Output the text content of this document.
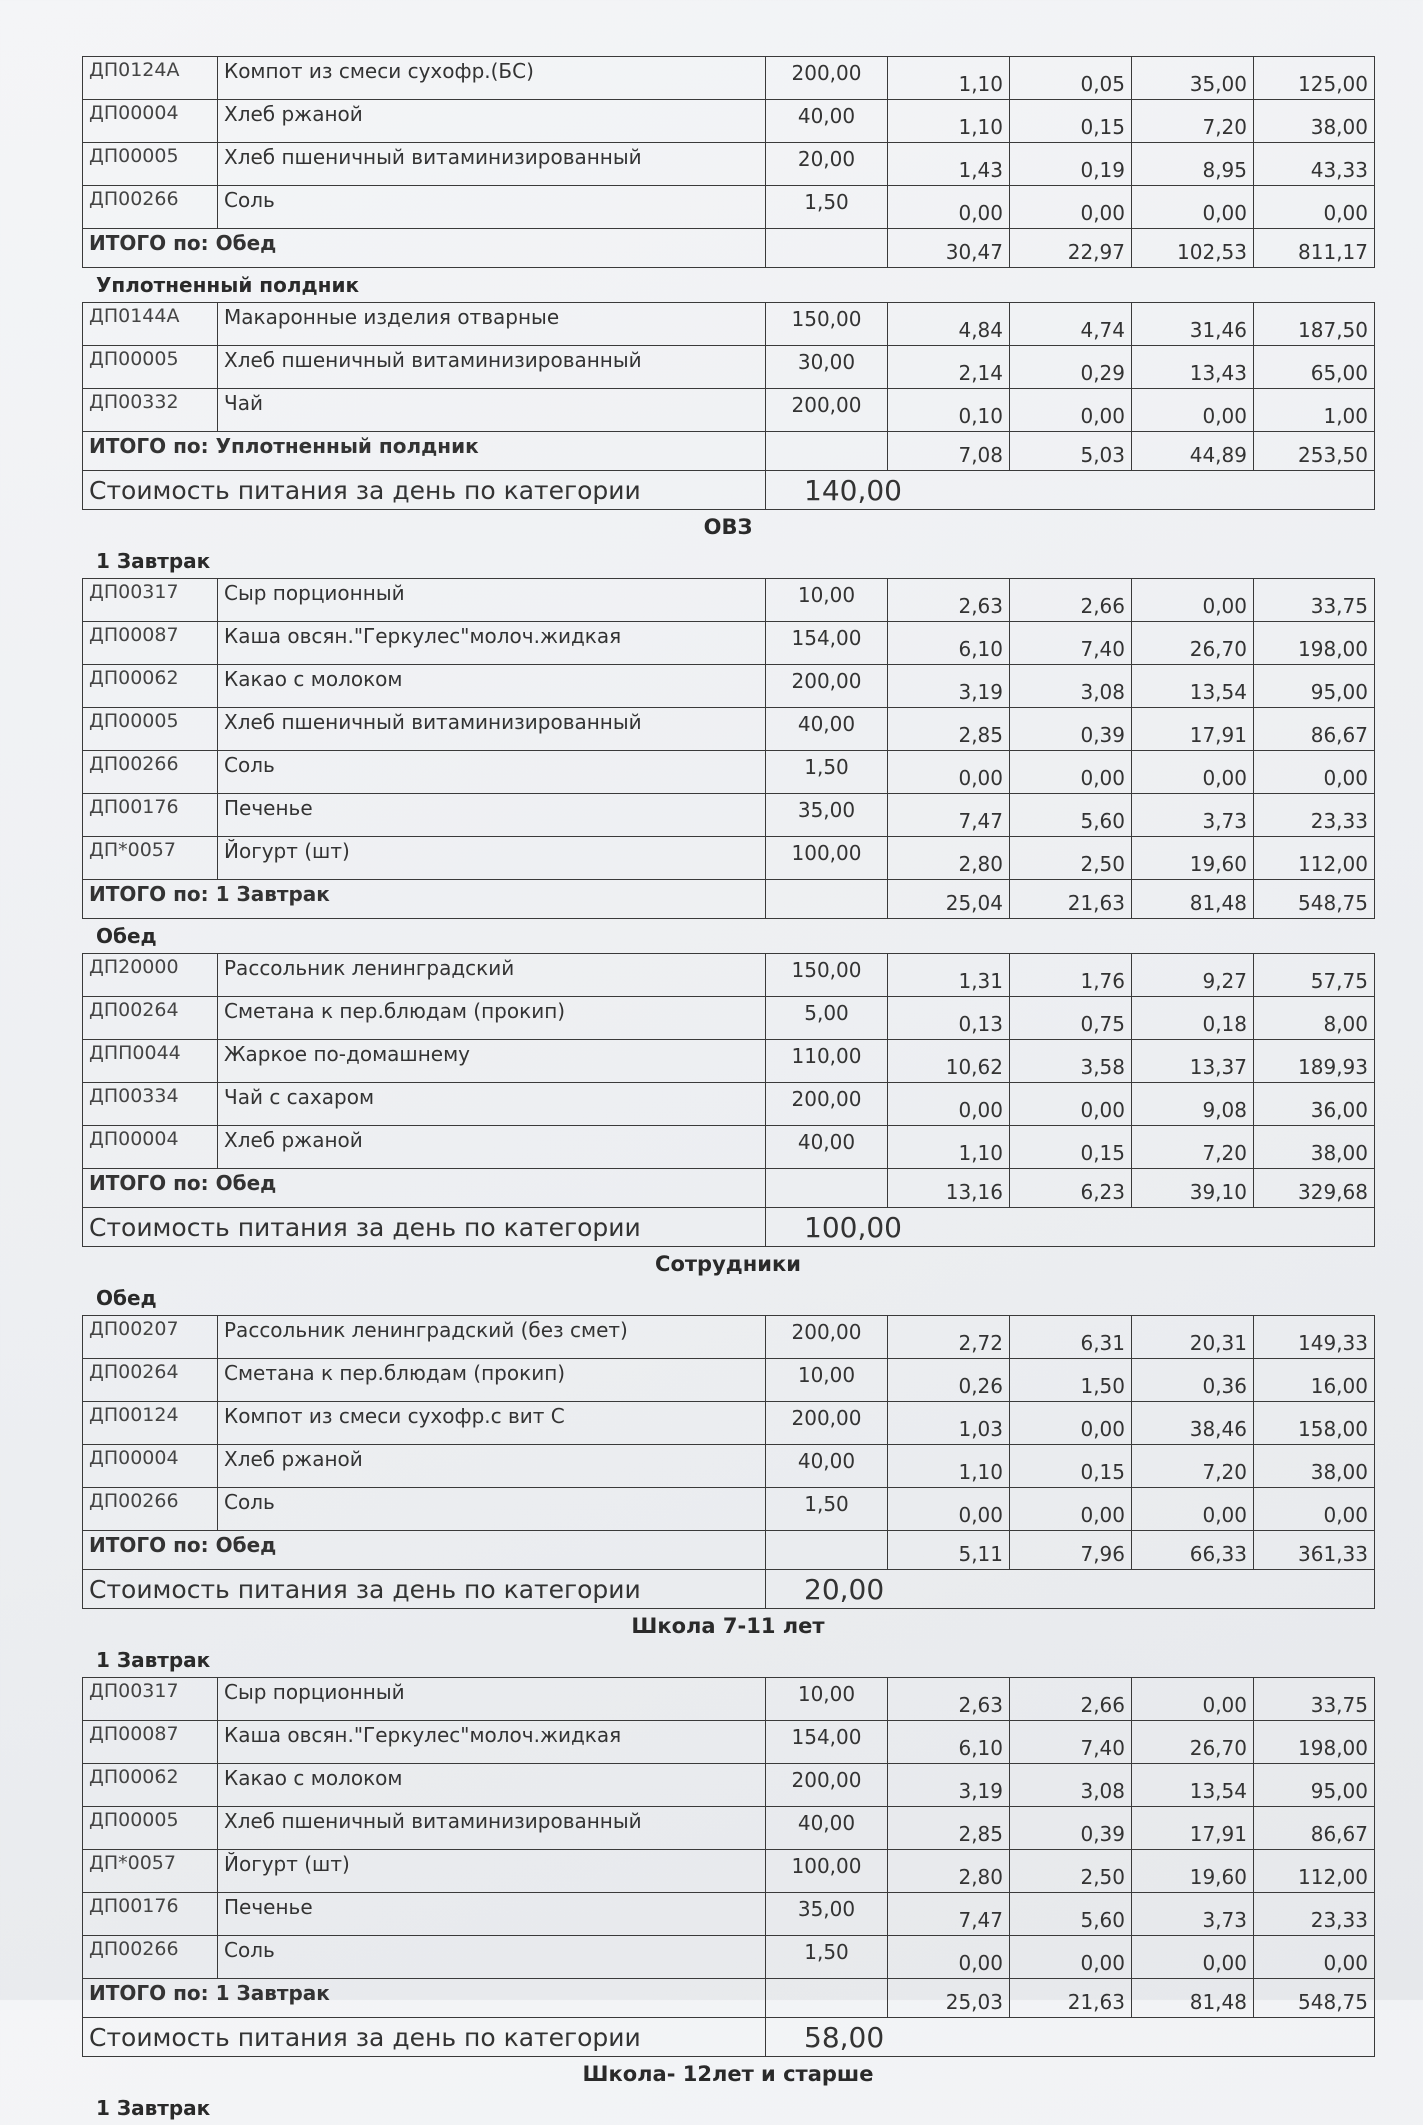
ДП0124А	Компот из смеси сухофр.(БС)	200,00	1,10	0,05	35,00	125,00
ДП00004	Хлеб ржаной	40,00	1,10	0,15	7,20	38,00
ДП00005	Хлеб пшеничный витаминизированный	20,00	1,43	0,19	8,95	43,33
ДП00266	Соль	1,50	0,00	0,00	0,00	0,00
ИТОГО по: Обед			30,47	22,97	102,53	811,17
Уплотненный полдник
ДП0144А	Макаронные изделия отварные	150,00	4,84	4,74	31,46	187,50
ДП00005	Хлеб пшеничный витаминизированный	30,00	2,14	0,29	13,43	65,00
ДП00332	Чай	200,00	0,10	0,00	0,00	1,00
ИТОГО по: Уплотненный полдник			7,08	5,03	44,89	253,50
Стоимость питания за день по категории		140,00				
ОВЗ
1 Завтрак
ДП00317	Сыр порционный	10,00	2,63	2,66	0,00	33,75
ДП00087	Каша овсян."Геркулес"молоч.жидкая	154,00	6,10	7,40	26,70	198,00
ДП00062	Какао с молоком	200,00	3,19	3,08	13,54	95,00
ДП00005	Хлеб пшеничный витаминизированный	40,00	2,85	0,39	17,91	86,67
ДП00266	Соль	1,50	0,00	0,00	0,00	0,00
ДП00176	Печенье	35,00	7,47	5,60	3,73	23,33
ДП*0057	Йогурт (шт)	100,00	2,80	2,50	19,60	112,00
ИТОГО по: 1 Завтрак			25,04	21,63	81,48	548,75
Обед
ДП20000	Рассольник ленинградский	150,00	1,31	1,76	9,27	57,75
ДП00264	Сметана к пер.блюдам (прокип)	5,00	0,13	0,75	0,18	8,00
ДПП0044	Жаркое по-домашнему	110,00	10,62	3,58	13,37	189,93
ДП00334	Чай с сахаром	200,00	0,00	0,00	9,08	36,00
ДП00004	Хлеб ржаной	40,00	1,10	0,15	7,20	38,00
ИТОГО по: Обед			13,16	6,23	39,10	329,68
Стоимость питания за день по категории		100,00				
Сотрудники
Обед
ДП00207	Рассольник ленинградский (без смет)	200,00	2,72	6,31	20,31	149,33
ДП00264	Сметана к пер.блюдам (прокип)	10,00	0,26	1,50	0,36	16,00
ДП00124	Компот из смеси сухофр.с вит С	200,00	1,03	0,00	38,46	158,00
ДП00004	Хлеб ржаной	40,00	1,10	0,15	7,20	38,00
ДП00266	Соль	1,50	0,00	0,00	0,00	0,00
ИТОГО по: Обед			5,11	7,96	66,33	361,33
Стоимость питания за день по категории		20,00				
Школа 7-11 лет
1 Завтрак
ДП00317	Сыр порционный	10,00	2,63	2,66	0,00	33,75
ДП00087	Каша овсян."Геркулес"молоч.жидкая	154,00	6,10	7,40	26,70	198,00
ДП00062	Какао с молоком	200,00	3,19	3,08	13,54	95,00
ДП00005	Хлеб пшеничный витаминизированный	40,00	2,85	0,39	17,91	86,67
ДП*0057	Йогурт (шт)	100,00	2,80	2,50	19,60	112,00
ДП00176	Печенье	35,00	7,47	5,60	3,73	23,33
ДП00266	Соль	1,50	0,00	0,00	0,00	0,00
ИТОГО по: 1 Завтрак			25,03	21,63	81,48	548,75
Стоимость питания за день по категории		58,00				
Школа- 12лет и старше
1 Завтрак
